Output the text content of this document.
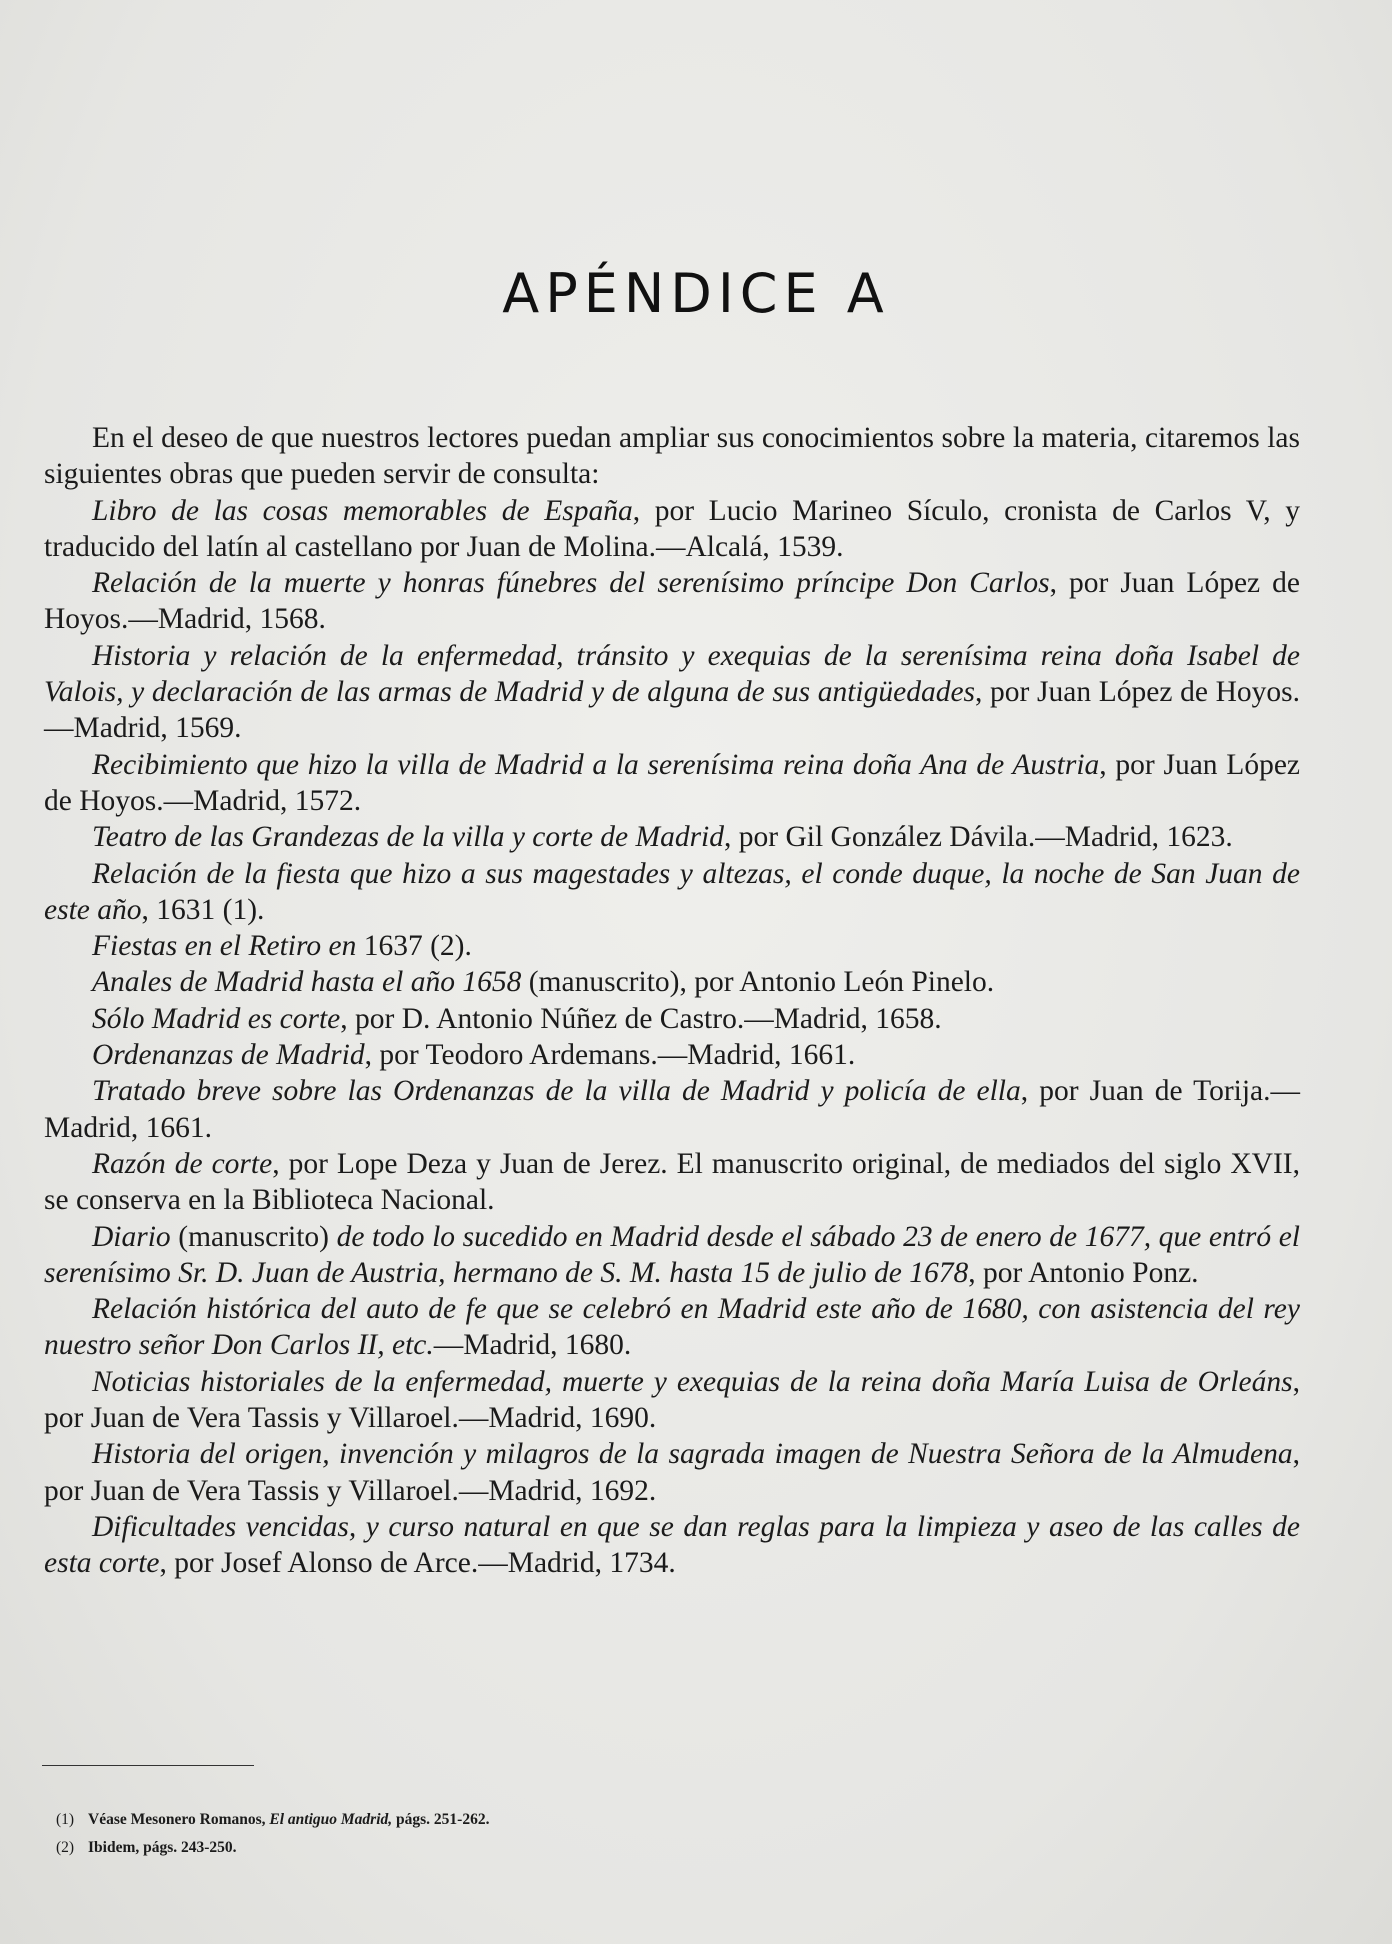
APÉNDICE A

En el deseo de que nuestros lectores puedan ampliar sus conocimientos sobre la materia, citaremos las siguientes obras que pueden servir de consulta:

Libro de las cosas memorables de España, por Lucio Marineo Sículo, cronista de Carlos V, y traducido del latín al castellano por Juan de Molina.—Alcalá, 1539.

Relación de la muerte y honras fúnebres del serenísimo príncipe Don Carlos, por Juan López de Hoyos.—Madrid, 1568.

Historia y relación de la enfermedad, tránsito y exequias de la serenísima reina doña Isabel de Valois, y declaración de las armas de Madrid y de alguna de sus antigüedades, por Juan López de Hoyos.—Madrid, 1569.

Recibimiento que hizo la villa de Madrid a la serenísima reina doña Ana de Austria, por Juan López de Hoyos.—Madrid, 1572.

Teatro de las Grandezas de la villa y corte de Madrid, por Gil González Dávila.—Madrid, 1623.

Relación de la fiesta que hizo a sus magestades y altezas, el conde duque, la noche de San Juan de este año, 1631 (1).

Fiestas en el Retiro en 1637 (2).

Anales de Madrid hasta el año 1658 (manuscrito), por Antonio León Pinelo.

Sólo Madrid es corte, por D. Antonio Núñez de Castro.—Madrid, 1658.

Ordenanzas de Madrid, por Teodoro Ardemans.—Madrid, 1661.

Tratado breve sobre las Ordenanzas de la villa de Madrid y policía de ella, por Juan de Torija.—Madrid, 1661.

Razón de corte, por Lope Deza y Juan de Jerez. El manuscrito original, de mediados del siglo XVII, se conserva en la Biblioteca Nacional.

Diario (manuscrito) de todo lo sucedido en Madrid desde el sábado 23 de enero de 1677, que entró el serenísimo Sr. D. Juan de Austria, hermano de S. M. hasta 15 de julio de 1678, por Antonio Ponz.

Relación histórica del auto de fe que se celebró en Madrid este año de 1680, con asistencia del rey nuestro señor Don Carlos II, etc.—Madrid, 1680.

Noticias historiales de la enfermedad, muerte y exequias de la reina doña María Luisa de Orleáns, por Juan de Vera Tassis y Villaroel.—Madrid, 1690.

Historia del origen, invención y milagros de la sagrada imagen de Nuestra Señora de la Almudena, por Juan de Vera Tassis y Villaroel.—Madrid, 1692.

Dificultades vencidas, y curso natural en que se dan reglas para la limpieza y aseo de las calles de esta corte, por Josef Alonso de Arce.—Madrid, 1734.

(1) Véase Mesonero Romanos, El antiguo Madrid, págs. 251-262.
(2) Ibidem, págs. 243-250.
